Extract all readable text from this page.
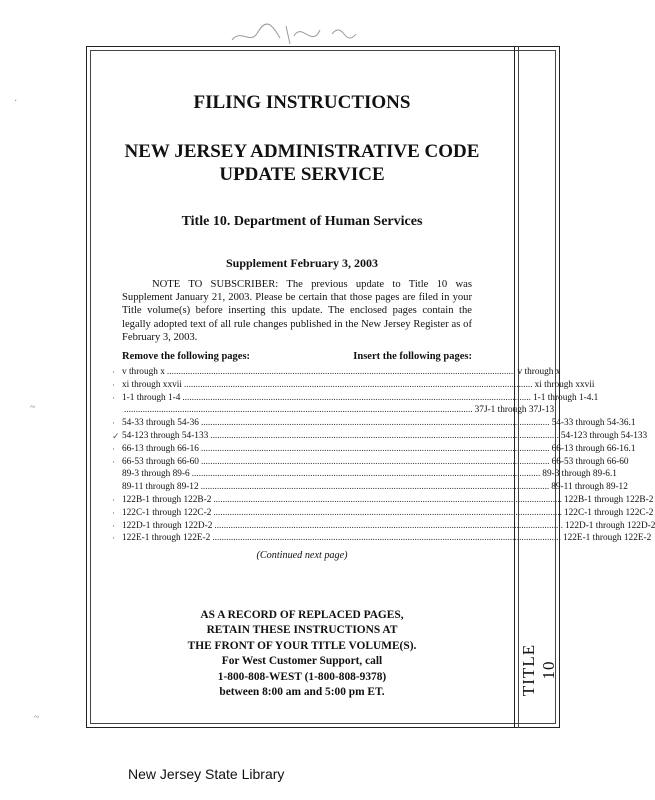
TITLE 10
FILING INSTRUCTIONS
NEW JERSEY ADMINISTRATIVE CODE
UPDATE SERVICE
Title 10. Department of Human Services
Supplement February 3, 2003
NOTE TO SUBSCRIBER: The previous update to Title 10 was Supplement January 21, 2003. Please be certain that those pages are filed in your Title volume(s) before inserting this update. The enclosed pages contain the legally adopted text of all rule changes published in the New Jersey Register as of February 3, 2003.
Remove the following pages:	Insert the following pages:
· v through x ...................................................................................................................................................... v through x
· xi through xxvii ...................................................................................................................................................... xi through xxvii
· 1-1 through 1-4 ...................................................................................................................................................... 1-1 through 1-4.1
...................................................................................................................................................... 37J-1 through 37J-13
· 54-33 through 54-36 ...................................................................................................................................................... 54-33 through 54-36.1
✓ 54-123 through 54-133 ...................................................................................................................................................... 54-123 through 54-133
· 66-13 through 66-16 ...................................................................................................................................................... 66-13 through 66-16.1
· 66-53 through 66-60 ...................................................................................................................................................... 66-53 through 66-60
89-3 through 89-6 ...................................................................................................................................................... 89-3 through 89-6.1
89-11 through 89-12 ...................................................................................................................................................... 89-11 through 89-12
· 122B-1 through 122B-2 ...................................................................................................................................................... 122B-1 through 122B-2
· 122C-1 through 122C-2 ...................................................................................................................................................... 122C-1 through 122C-2
· 122D-1 through 122D-2 ...................................................................................................................................................... 122D-1 through 122D-2
· 122E-1 through 122E-2 ...................................................................................................................................................... 122E-1 through 122E-2
(Continued next page)
AS A RECORD OF REPLACED PAGES,
RETAIN THESE INSTRUCTIONS AT
THE FRONT OF YOUR TITLE VOLUME(S).
For West Customer Support, call
1-800-808-WEST (1-800-808-9378)
between 8:00 am and 5:00 pm ET.
~
~
·
New Jersey State Library
